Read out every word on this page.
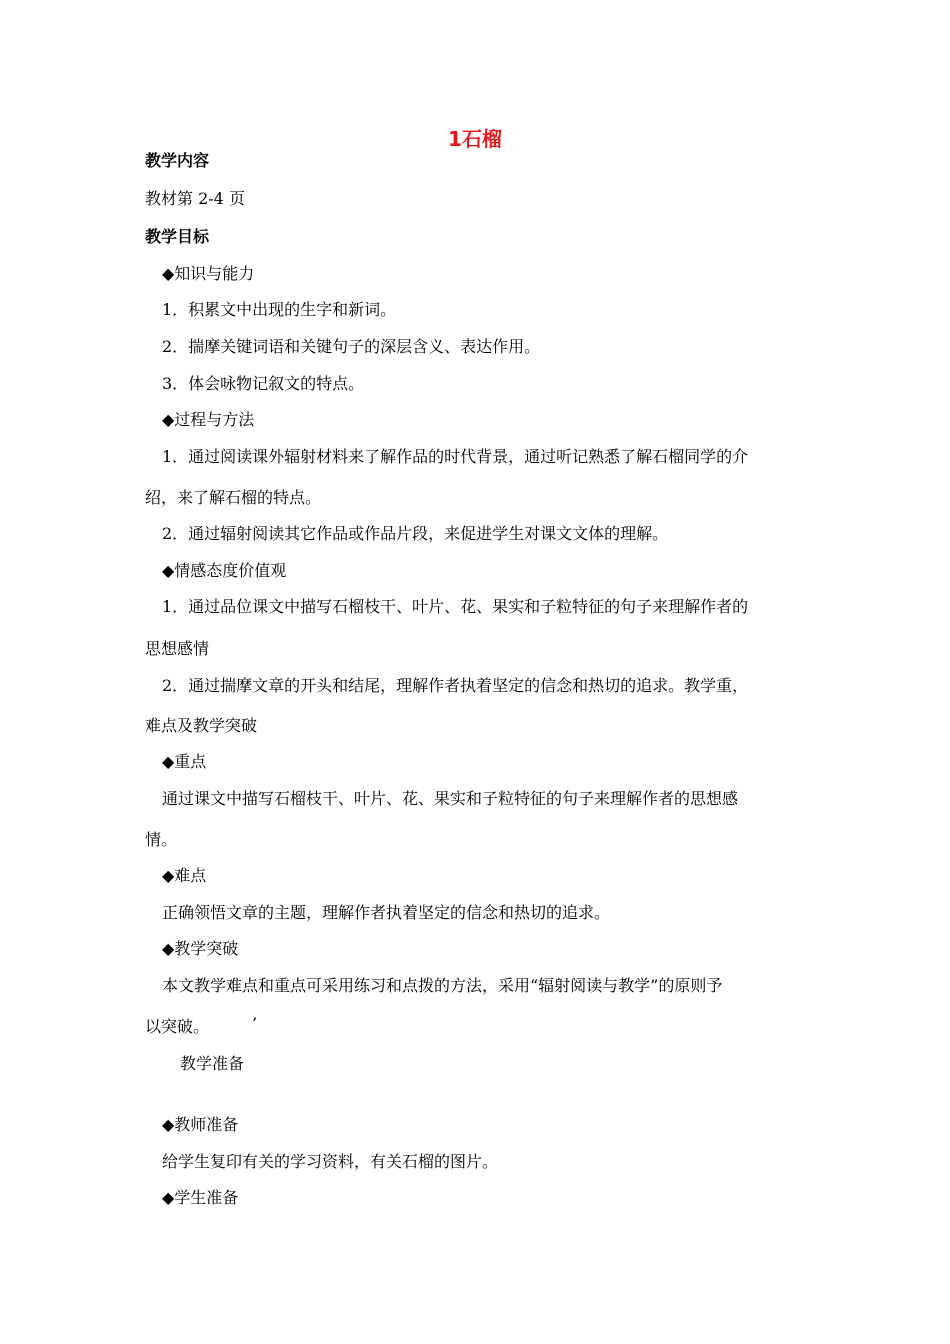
1石榴
教学内容
教材第 2-4 页
教学目标
◆知识与能力
1．积累文中出现的生字和新词。
2．揣摩关键词语和关键句子的深层含义、表达作用。
3．体会咏物记叙文的特点。
◆过程与方法
1．通过阅读课外辐射材料来了解作品的时代背景，通过听记熟悉了解石榴同学的介
绍，来了解石榴的特点。
2．通过辐射阅读其它作品或作品片段，来促进学生对课文文体的理解。
◆情感态度价值观
1．通过品位课文中描写石榴枝干、叶片、花、果实和子粒特征的句子来理解作者的
思想感情
2．通过揣摩文章的开头和结尾，理解作者执着坚定的信念和热切的追求。教学重，
难点及教学突破
◆重点
通过课文中描写石榴枝干、叶片、花、果实和子粒特征的句子来理解作者的思想感
情。
◆难点
正确领悟文章的主题，理解作者执着坚定的信念和热切的追求。
◆教学突破
本文教学难点和重点可采用练习和点拨的方法，采用“辐射阅读与教学”的原则予
以突破。	’
教学准备
◆教师准备
给学生复印有关的学习资料，有关石榴的图片。
◆学生准备
